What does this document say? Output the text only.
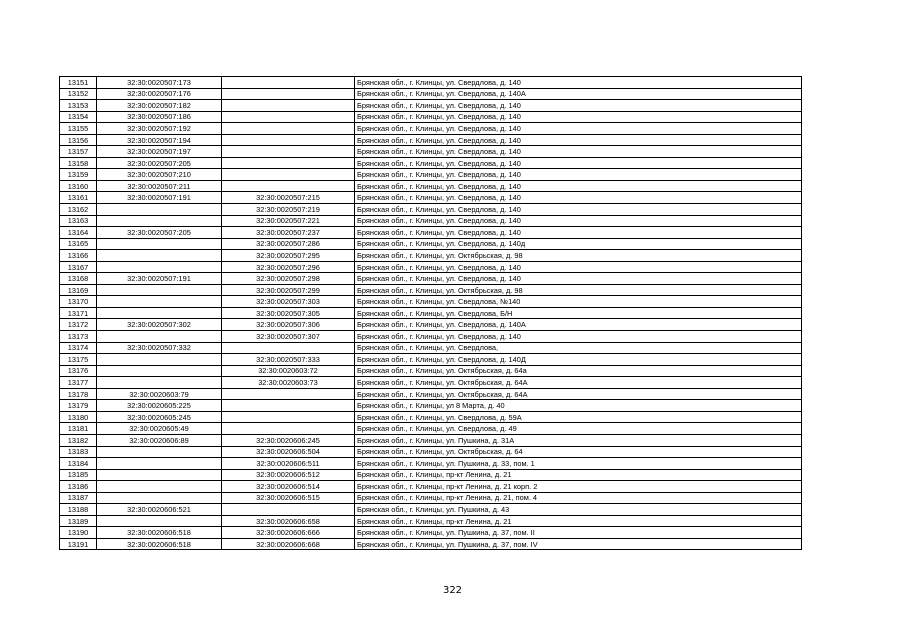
13151	32:30:0020507:173		Брянская обл., г. Клинцы, ул. Свердлова, д. 140
13152	32:30:0020507:176		Брянская обл., г. Клинцы, ул. Свердлова, д. 140А
13153	32:30:0020507:182		Брянская обл., г. Клинцы, ул. Свердлова, д. 140
13154	32:30:0020507:186		Брянская обл., г. Клинцы, ул. Свердлова, д. 140
13155	32:30:0020507:192		Брянская обл., г. Клинцы, ул. Свердлова, д. 140
13156	32:30:0020507:194		Брянская обл., г. Клинцы, ул. Свердлова, д. 140
13157	32:30:0020507:197		Брянская обл., г. Клинцы, ул. Свердлова, д. 140
13158	32:30:0020507:205		Брянская обл., г. Клинцы, ул. Свердлова, д. 140
13159	32:30:0020507:210		Брянская обл., г. Клинцы, ул. Свердлова, д. 140
13160	32:30:0020507:211		Брянская обл., г. Клинцы, ул. Свердлова, д. 140
13161	32:30:0020507:191	32:30:0020507:215	Брянская обл., г. Клинцы, ул. Свердлова, д. 140
13162		32:30:0020507:219	Брянская обл., г. Клинцы, ул. Свердлова, д. 140
13163		32:30:0020507:221	Брянская обл., г. Клинцы, ул. Свердлова, д. 140
13164	32:30:0020507:205	32:30:0020507:237	Брянская обл., г. Клинцы, ул. Свердлова, д. 140
13165		32:30:0020507:286	Брянская обл., г. Клинцы, ул. Свердлова, д. 140д
13166		32:30:0020507:295	Брянская обл., г. Клинцы, ул. Октябрьская, д. 98
13167		32:30:0020507:296	Брянская обл., г. Клинцы, ул. Свердлова, д. 140
13168	32:30:0020507:191	32:30:0020507:298	Брянская обл., г. Клинцы, ул. Свердлова, д. 140
13169		32:30:0020507:299	Брянская обл., г. Клинцы, ул. Октябрьская, д. 98
13170		32:30:0020507:303	Брянская обл., г. Клинцы, ул. Свердлова, №140
13171		32:30:0020507:305	Брянская обл., г. Клинцы, ул. Свердлова, Б/Н
13172	32:30:0020507:302	32:30:0020507:306	Брянская обл., г. Клинцы, ул. Свердлова, д. 140А
13173		32:30:0020507:307	Брянская обл., г. Клинцы, ул. Свердлова, д. 140
13174	32:30:0020507:332		Брянская обл., г. Клинцы, ул. Свердлова,
13175		32:30:0020507:333	Брянская обл., г. Клинцы, ул. Свердлова, д. 140Д
13176		32:30:0020603:72	Брянская обл., г. Клинцы, ул. Октябрьская, д. 64а
13177		32:30:0020603:73	Брянская обл., г. Клинцы, ул. Октябрьская, д. 64А
13178	32:30:0020603:79		Брянская обл., г. Клинцы, ул. Октябрьская, д. 64А
13179	32:30:0020605:225		Брянская обл., г. Клинцы, ул 8 Марта, д. 40
13180	32:30:0020605:245		Брянская обл., г. Клинцы, ул. Свердлова, д. 59А
13181	32:30:0020605:49		Брянская обл., г. Клинцы, ул. Свердлова, д. 49
13182	32:30:0020606:89	32:30:0020606:245	Брянская обл., г. Клинцы, ул. Пушкина, д. 31А
13183		32:30:0020606:504	Брянская обл., г. Клинцы, ул. Октябрьская, д. 64
13184		32:30:0020606:511	Брянская обл., г. Клинцы, ул. Пушкина, д. 33, пом. 1
13185		32:30:0020606:512	Брянская обл., г. Клинцы, пр-кт Ленина, д. 21
13186		32:30:0020606:514	Брянская обл., г. Клинцы, пр-кт Ленина, д. 21 корп. 2
13187		32:30:0020606:515	Брянская обл., г. Клинцы, пр-кт Ленина, д. 21, пом. 4
13188	32:30:0020606:521		Брянская обл., г. Клинцы, ул. Пушкина, д. 43
13189		32:30:0020606:658	Брянская обл., г. Клинцы, пр-кт Ленина, д. 21
13190	32:30:0020606:518	32:30:0020606:666	Брянская обл., г. Клинцы, ул. Пушкина, д. 37, пом. II
13191	32:30:0020606:518	32:30:0020606:668	Брянская обл., г. Клинцы, ул. Пушкина, д. 37, пом. IV
322
